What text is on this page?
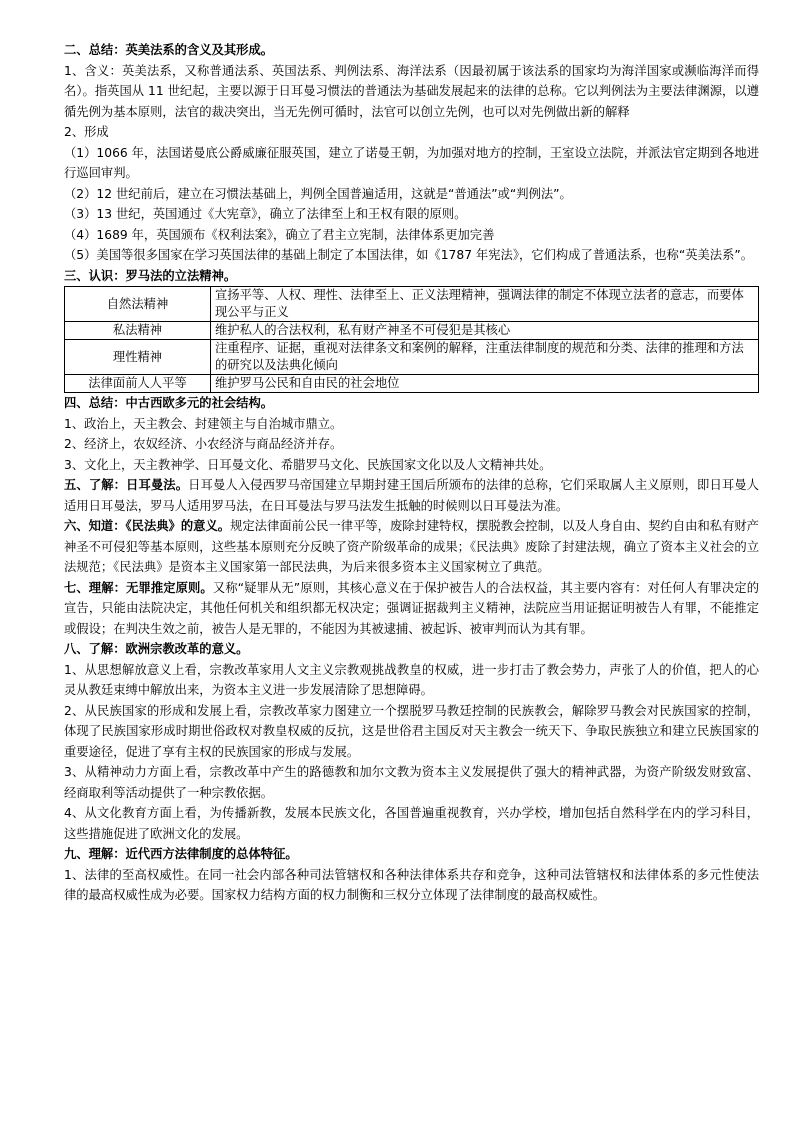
二、总结：英美法系的含义及其形成。

1、含义：英美法系，又称普通法系、英国法系、判例法系、海洋法系（因最初属于该法系的国家均为海洋国家或濒临海洋而得名）。指英国从 11 世纪起，主要以源于日耳曼习惯法的普通法为基础发展起来的法律的总称。它以判例法为主要法律渊源，以遵循先例为基本原则，法官的裁决突出，当无先例可循时，法官可以创立先例，也可以对先例做出新的解释

2、形成

（1）1066 年，法国诺曼底公爵威廉征服英国，建立了诺曼王朝，为加强对地方的控制，王室设立法院，并派法官定期到各地进行巡回审判。

（2）12 世纪前后，建立在习惯法基础上，判例全国普遍适用，这就是“普通法”或“判例法”。

（3）13 世纪，英国通过《大宪章》，确立了法律至上和王权有限的原则。

（4）1689 年，英国颁布《权利法案》，确立了君主立宪制，法律体系更加完善

（5）美国等很多国家在学习英国法律的基础上制定了本国法律，如《1787 年宪法》，它们构成了普通法系，也称“英美法系”。

三、认识：罗马法的立法精神。

自然法精神	宣扬平等、人权、理性、法律至上、正义法理精神，强调法律的制定不体现立法者的意志，而要体现公平与正义
私法精神	维护私人的合法权利，私有财产神圣不可侵犯是其核心
理性精神	注重程序、证据，重视对法律条文和案例的解释，注重法律制度的规范和分类、法律的推理和方法的研究以及法典化倾向
法律面前人人平等	维护罗马公民和自由民的社会地位

四、总结：中古西欧多元的社会结构。

1、政治上，天主教会、封建领主与自治城市鼎立。

2、经济上，农奴经济、小农经济与商品经济并存。

3、文化上，天主教神学、日耳曼文化、希腊罗马文化、民族国家文化以及人文精神共处。

五、了解：日耳曼法。日耳曼人入侵西罗马帝国建立早期封建王国后所颁布的法律的总称，它们采取属人主义原则，即日耳曼人适用日耳曼法，罗马人适用罗马法，在日耳曼法与罗马法发生抵触的时候则以日耳曼法为准。

六、知道：《民法典》的意义。规定法律面前公民一律平等，废除封建特权，摆脱教会控制，以及人身自由、契约自由和私有财产神圣不可侵犯等基本原则，这些基本原则充分反映了资产阶级革命的成果；《民法典》废除了封建法规，确立了资本主义社会的立法规范；《民法典》是资本主义国家第一部民法典，为后来很多资本主义国家树立了典范。

七、理解：无罪推定原则。又称“疑罪从无”原则，其核心意义在于保护被告人的合法权益，其主要内容有：对任何人有罪决定的宣告，只能由法院决定，其他任何机关和组织都无权决定；强调证据裁判主义精神，法院应当用证据证明被告人有罪，不能推定或假设；在判决生效之前，被告人是无罪的，不能因为其被逮捕、被起诉、被审判而认为其有罪。

八、了解：欧洲宗教改革的意义。

1、从思想解放意义上看，宗教改革家用人文主义宗教观挑战教皇的权威，进一步打击了教会势力，声张了人的价值，把人的心灵从教廷束缚中解放出来，为资本主义进一步发展清除了思想障碍。

2、从民族国家的形成和发展上看，宗教改革家力图建立一个摆脱罗马教廷控制的民族教会，解除罗马教会对民族国家的控制，体现了民族国家形成时期世俗政权对教皇权威的反抗，这是世俗君主国反对天主教会一统天下、争取民族独立和建立民族国家的重要途径，促进了享有主权的民族国家的形成与发展。

3、从精神动力方面上看，宗教改革中产生的路德教和加尔文教为资本主义发展提供了强大的精神武器，为资产阶级发财致富、经商取利等活动提供了一种宗教依据。

4、从文化教育方面上看，为传播新教，发展本民族文化，各国普遍重视教育，兴办学校，增加包括自然科学在内的学习科目，这些措施促进了欧洲文化的发展。

九、理解：近代西方法律制度的总体特征。

1、法律的至高权威性。在同一社会内部各种司法管辖权和各种法律体系共存和竞争，这种司法管辖权和法律体系的多元性使法律的最高权威性成为必要。国家权力结构方面的权力制衡和三权分立体现了法律制度的最高权威性。
